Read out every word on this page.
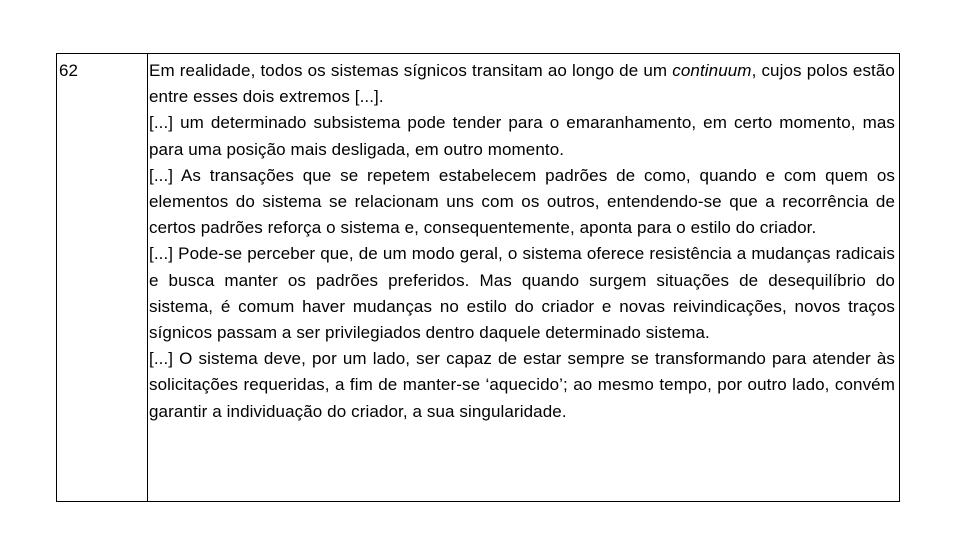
62	Em realidade, todos os sistemas sígnicos transitam ao longo de um continuum, cujos polos estão entre esses dois extremos [...].

[...] um determinado subsistema pode tender para o emaranhamento, em certo momento, mas para uma posição mais desligada, em outro momento.

[...] As transações que se repetem estabelecem padrões de como, quando e com quem os elementos do sistema se relacionam uns com os outros, entendendo-se que a recorrência de certos padrões reforça o sistema e, consequentemente, aponta para o estilo do criador.

[...] Pode-se perceber que, de um modo geral, o sistema oferece resistência a mudanças radicais e busca manter os padrões preferidos. Mas quando surgem situações de desequilíbrio do sistema, é comum haver mudanças no estilo do criador e novas reivindicações, novos traços sígnicos passam a ser privilegiados dentro daquele determinado sistema.

[...] O sistema deve, por um lado, ser capaz de estar sempre se transformando para atender às solicitações requeridas, a fim de manter-se ‘aquecido’; ao mesmo tempo, por outro lado, convém garantir a individuação do criador, a sua singularidade.
